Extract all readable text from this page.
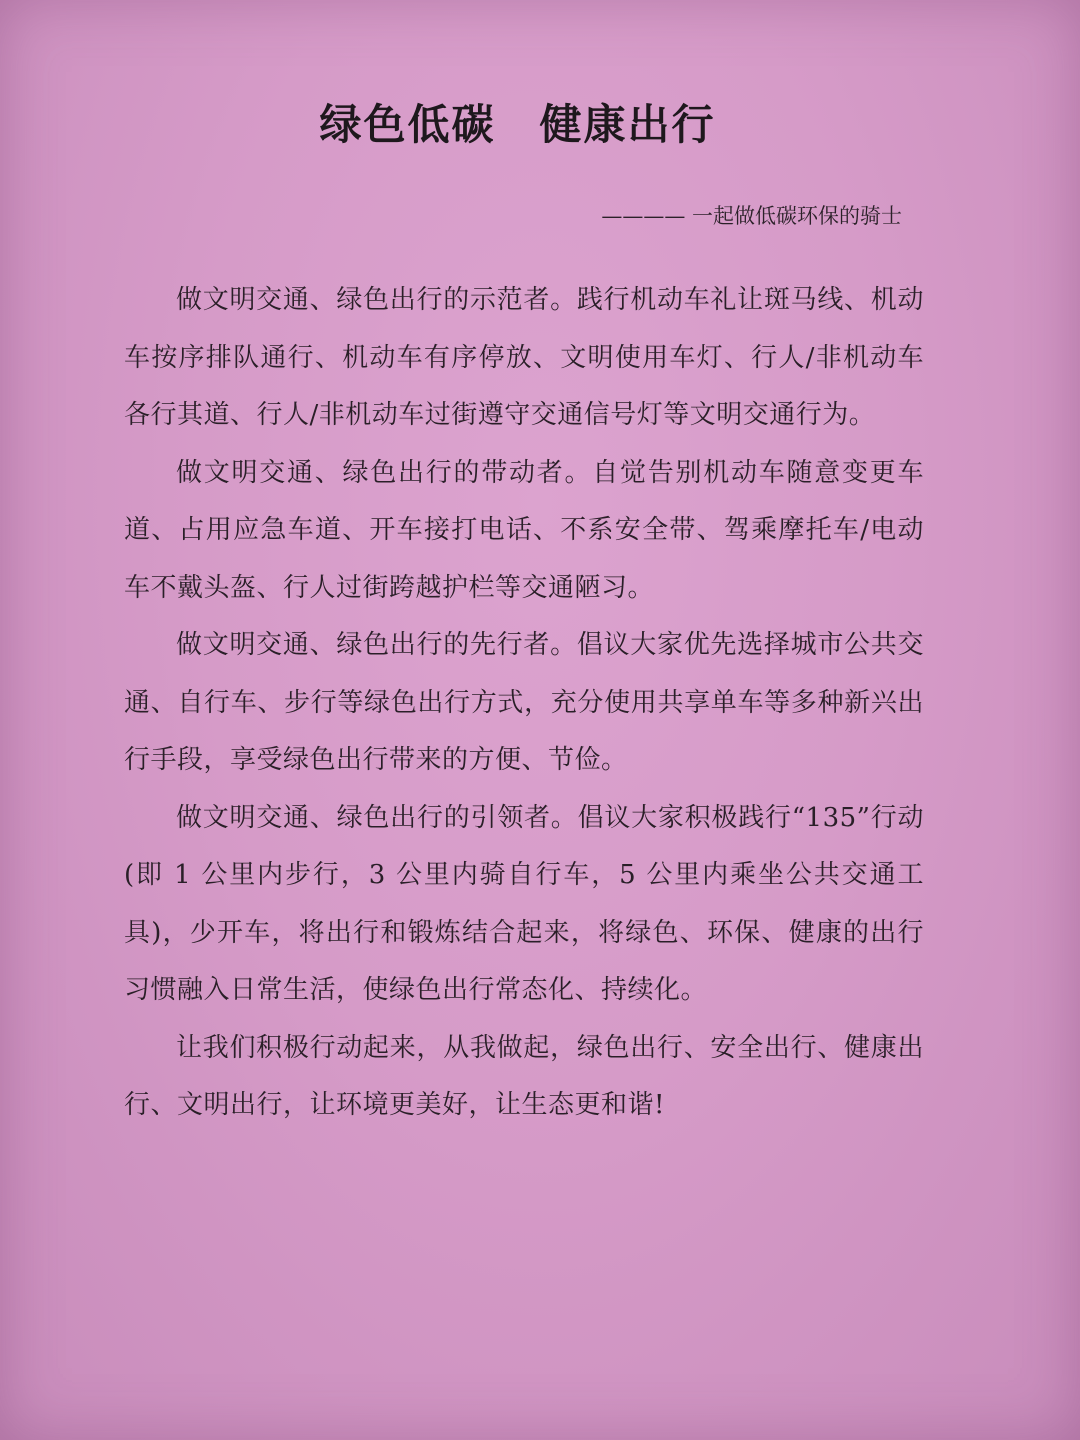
绿色低碳　健康出行
———— 一起做低碳环保的骑士

做文明交通、绿色出行的示范者。践行机动车礼让斑马线、机动车按序排队通行、机动车有序停放、文明使用车灯、行人/非机动车各行其道、行人/非机动车过街遵守交通信号灯等文明交通行为。

做文明交通、绿色出行的带动者。自觉告别机动车随意变更车道、占用应急车道、开车接打电话、不系安全带、驾乘摩托车/电动车不戴头盔、行人过街跨越护栏等交通陋习。

做文明交通、绿色出行的先行者。倡议大家优先选择城市公共交通、自行车、步行等绿色出行方式，充分使用共享单车等多种新兴出行手段，享受绿色出行带来的方便、节俭。

做文明交通、绿色出行的引领者。倡议大家积极践行“135”行动(即 1 公里内步行，3 公里内骑自行车，5 公里内乘坐公共交通工具)，少开车，将出行和锻炼结合起来，将绿色、环保、健康的出行习惯融入日常生活，使绿色出行常态化、持续化。

让我们积极行动起来，从我做起，绿色出行、安全出行、健康出行、文明出行，让环境更美好，让生态更和谐!
